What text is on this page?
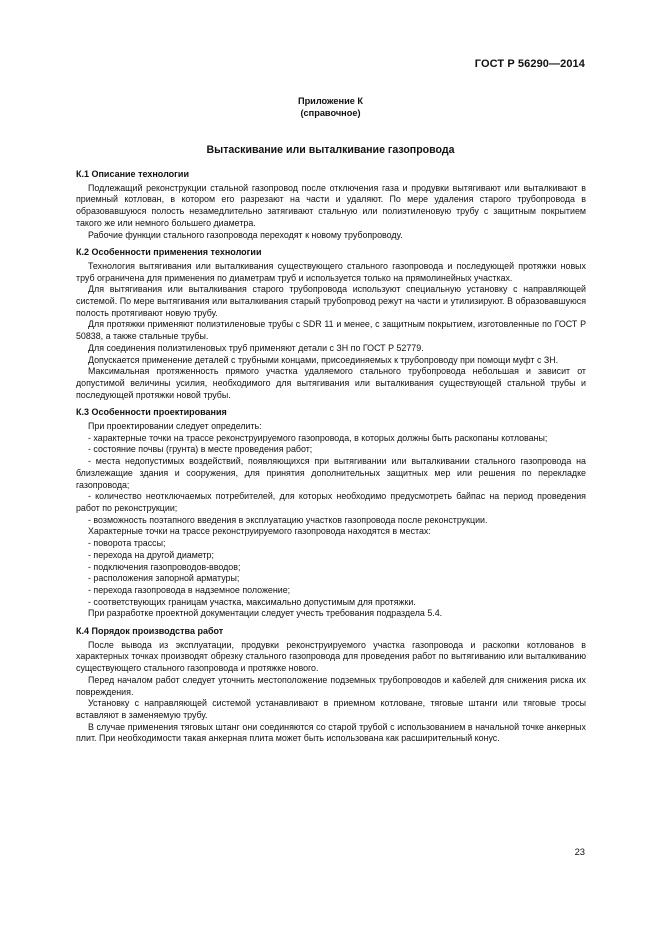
ГОСТ Р 56290—2014
Приложение К
(справочное)
Вытаскивание или выталкивание газопровода
К.1 Описание технологии

Подлежащий реконструкции стальной газопровод после отключения газа и продувки вытягивают или выталкивают в приемный котлован, в котором его разрезают на части и удаляют. По мере удаления старого трубопровода в образовавшуюся полость незамедлительно затягивают стальную или полиэтиленовую трубу с защитным покрытием такого же или немного большего диаметра.

Рабочие функции стального газопровода переходят к новому трубопроводу.

К.2 Особенности применения технологии

Технология вытягивания или выталкивания существующего стального газопровода и последующей протяжки новых труб ограничена для применения по диаметрам труб и используется только на прямолинейных участках.

Для вытягивания или выталкивания старого трубопровода используют специальную установку с направляющей системой. По мере вытягивания или выталкивания старый трубопровод режут на части и утилизируют. В образовавшуюся полость протягивают новую трубу.

Для протяжки применяют полиэтиленовые трубы с SDR 11 и менее, с защитным покрытием, изготовленные по ГОСТ Р 50838, а также стальные трубы.

Для соединения полиэтиленовых труб применяют детали с ЗН по ГОСТ Р 52779.

Допускается применение деталей с трубными концами, присоединяемых к трубопроводу при помощи муфт с ЗН.

Максимальная протяженность прямого участка удаляемого стального трубопровода небольшая и зависит от допустимой величины усилия, необходимого для вытягивания или выталкивания существующей стальной трубы и последующей протяжки новой трубы.

К.3 Особенности проектирования

При проектировании следует определить:

- характерные точки на трассе реконструируемого газопровода, в которых должны быть раскопаны котлованы;

- состояние почвы (грунта) в месте проведения работ;

- места недопустимых воздействий, появляющихся при вытягивании или выталкивании стального газопровода на близлежащие здания и сооружения, для принятия дополнительных защитных мер или решения по перекладке газопровода;

- количество неотключаемых потребителей, для которых необходимо предусмотреть байпас на период проведения работ по реконструкции;

- возможность поэтапного введения в эксплуатацию участков газопровода после реконструкции.

Характерные точки на трассе реконструируемого газопровода находятся в местах:

- поворота трассы;

- перехода на другой диаметр;

- подключения газопроводов-вводов;

- расположения запорной арматуры;

- перехода газопровода в надземное положение;

- соответствующих границам участка, максимально допустимым для протяжки.

При разработке проектной документации следует учесть требования подраздела 5.4.

К.4 Порядок производства работ

После вывода из эксплуатации, продувки реконструируемого участка газопровода и раскопки котлованов в характерных точках производят обрезку стального газопровода для проведения работ по вытягиванию или выталкиванию существующего стального газопровода и протяжке нового.

Перед началом работ следует уточнить местоположение подземных трубопроводов и кабелей для снижения риска их повреждения.

Установку с направляющей системой устанавливают в приемном котловане, тяговые штанги или тяговые тросы вставляют в заменяемую трубу.

В случае применения тяговых штанг они соединяются со старой трубой с использованием в начальной точке анкерных плит. При необходимости такая анкерная плита может быть использована как расширительный конус.

23
